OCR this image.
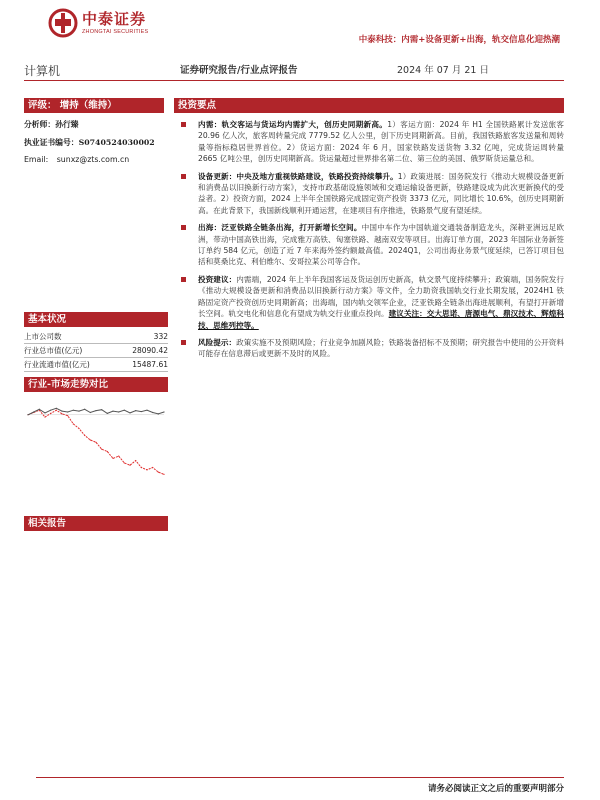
中泰证券
ZHONGTAI SECURITIES
中泰科技：内需+设备更新+出海，轨交信息化迎热潮
计算机	证券研究报告/行业点评报告	2024 年 07 月 21 日
评级： 增持（维持）
分析师：孙行臻
执业证书编号：S0740524030002
Email: sunxz@zts.com.cn
基本状况
上市公司数	332
行业总市值(亿元)	28090.42
行业流通市值(亿元)	15487.61
行业-市场走势对比
相关报告
投资要点
内需：轨交客运与货运均内需扩大，创历史同期新高。1）客运方面：2024 年 H1 全国铁路累计发送旅客 20.96 亿人次，旅客周转量完成 7779.52 亿人公里，创下历史同期新高。目前，我国铁路旅客发送量和周转量等指标稳居世界首位。2）货运方面：2024 年 6 月，国家铁路发送货物 3.32 亿吨，完成货运周转量 2665 亿吨公里，创历史同期新高。货运量超过世界排名第二位、第三位的美国、俄罗斯货运量总和。
设备更新：中央及地方重视铁路建设，铁路投资持续攀升。1）政策进展：国务院发行《推动大规模设备更新和消费品以旧换新行动方案》，支持市政基础设施领域和交通运输设备更新，铁路建设成为此次更新换代的受益者。2）投资方面，2024 上半年全国铁路完成固定资产投资 3373 亿元，同比增长 10.6%，创历史同期新高。在此背景下，我国新线顺利开通运营，在建项目有序推进，铁路景气度有望延续。
出海：泛亚铁路全链条出海，打开新增长空间。中国中车作为中国轨道交通装备制造龙头，深耕亚洲远足欧洲，带动中国高铁出海，完成雅万高铁、匈塞铁路、越南双安等项目。出海订单方面，2023 年国际业务新签订单约 584 亿元，创造了近 7 年来海外签约额最高值。2024Q1，公司出海业务景气度延续，已答订项目包括和莫桑比克、利伯维尔、安哥拉某公司等合作。
投资建议：内需端，2024 年上半年我国客运及货运创历史新高，轨交景气度持续攀升；政策端，国务院发行《推动大规模设备更新和消费品以旧换新行动方案》等文件，全力助资我国轨交行业长期发展，2024H1 铁路固定资产投资创历史同期新高；出海端，国内轨交领军企业，泛亚铁路全链条出海进展顺利，有望打开新增长空间。轨交电化和信息化有望成为轨交行业重点投向。建议关注：交大思诺、唐源电气、鼎汉技术、辉煌科技、思维列控等。
风险提示：政策实施不及预期风险；行业竞争加剧风险；铁路装备招标不及预期；研究报告中使用的公开资料可能存在信息滞后或更新不及时的风险。
请务必阅读正文之后的重要声明部分
